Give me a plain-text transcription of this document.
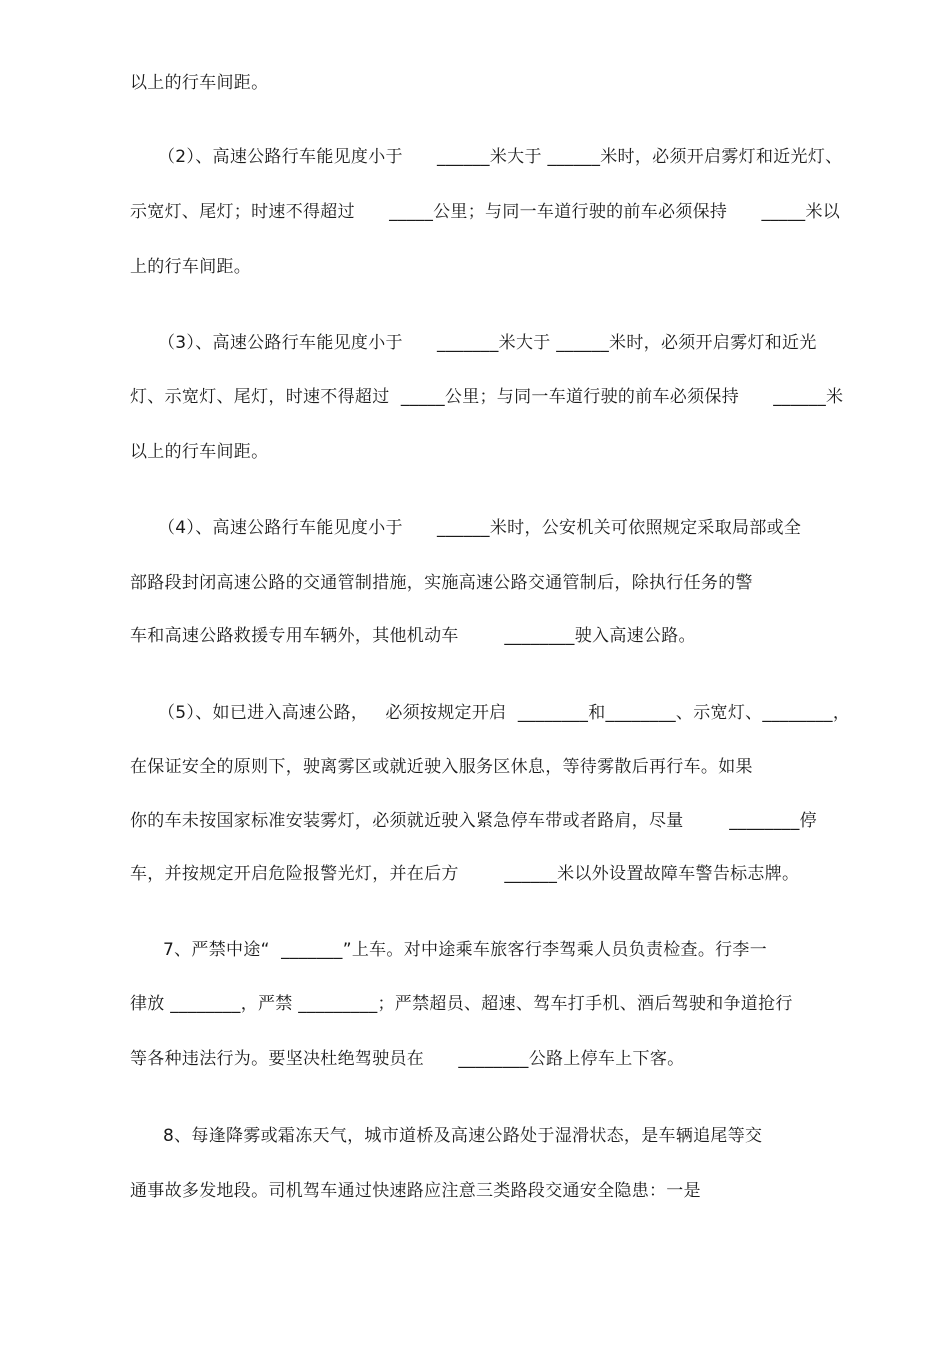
以上的行车间距。
（2）、高速公路行车能见度小于      ______米大于 ______米时，必须开启雾灯和近光灯、
示宽灯、尾灯；时速不得超过      _____公里；与同一车道行驶的前车必须保持      _____米以
上的行车间距。
（3）、高速公路行车能见度小于      _______米大于 ______米时，必须开启雾灯和近光
灯、示宽灯、尾灯，时速不得超过  _____公里；与同一车道行驶的前车必须保持      ______米
以上的行车间距。
（4）、高速公路行车能见度小于      ______米时，公安机关可依照规定采取局部或全
部路段封闭高速公路的交通管制措施，实施高速公路交通管制后，除执行任务的警
车和高速公路救援专用车辆外，其他机动车        ________驶入高速公路。
（5）、如已进入高速公路，   必须按规定开启  ________和________、示宽灯、________，
在保证安全的原则下，驶离雾区或就近驶入服务区休息，等待雾散后再行车。如果
你的车未按国家标准安装雾灯，必须就近驶入紧急停车带或者路肩，尽量        ________停
车，并按规定开启危险报警光灯，并在后方        ______米以外设置故障车警告标志牌。
7、严禁中途“  _______”上车。对中途乘车旅客行李驾乘人员负责检查。行李一
律放 ________，严禁 _________；严禁超员、超速、驾车打手机、酒后驾驶和争道抢行
等各种违法行为。要坚决杜绝驾驶员在      ________公路上停车上下客。
8、每逢降雾或霜冻天气，城市道桥及高速公路处于湿滑状态，是车辆追尾等交
通事故多发地段。司机驾车通过快速路应注意三类路段交通安全隐患：一是
